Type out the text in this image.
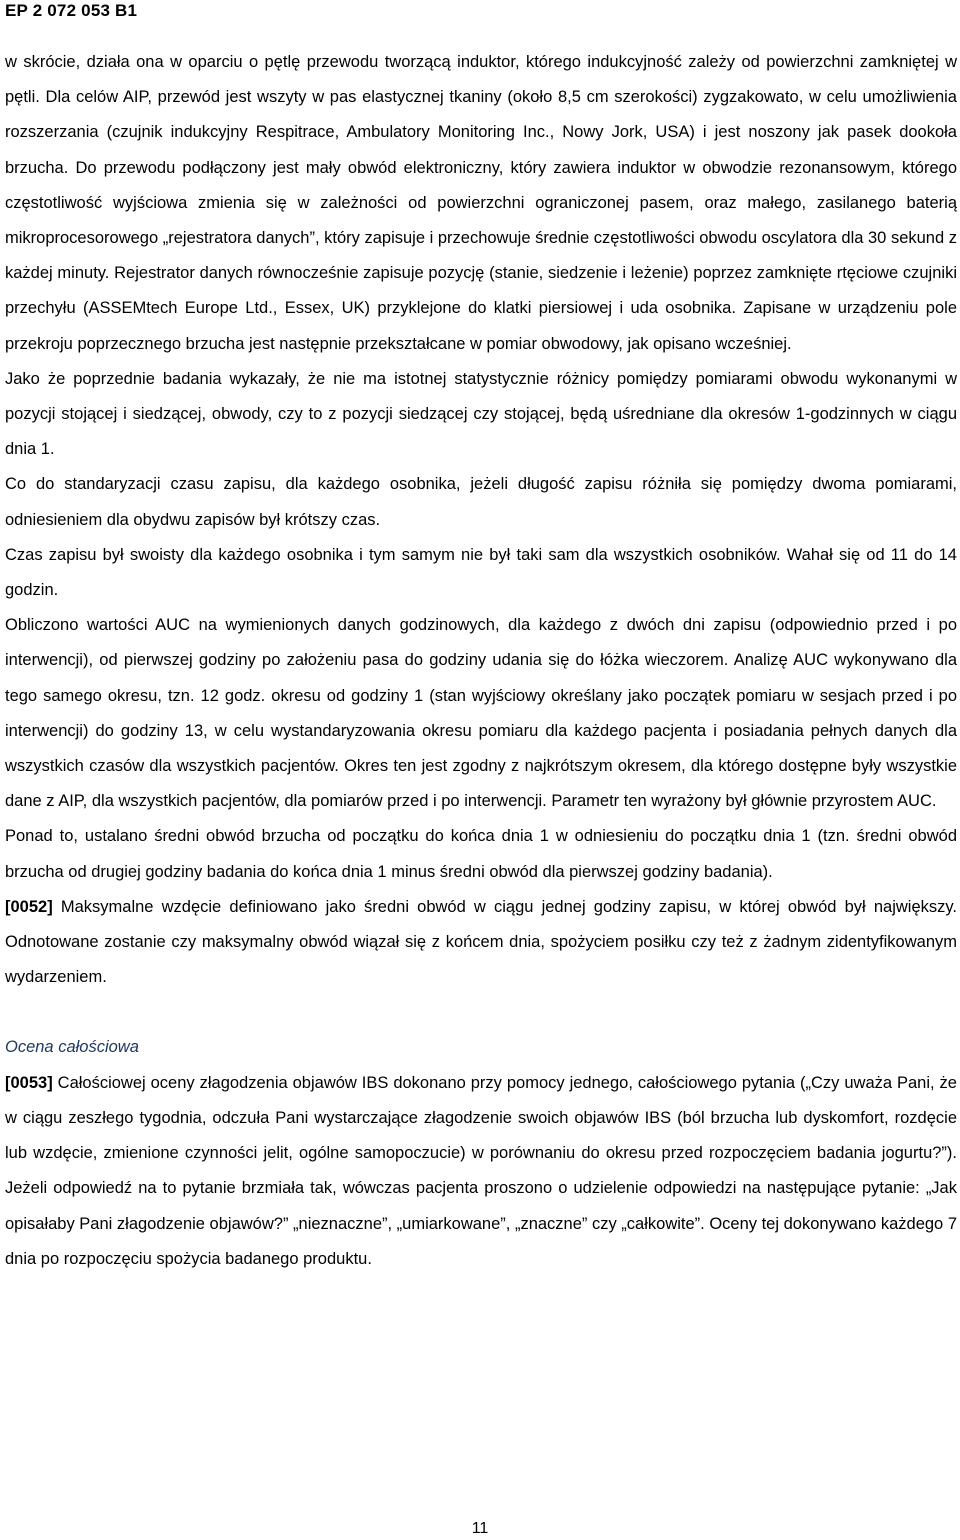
EP 2 072 053 B1

w skrócie, działa ona w oparciu o pętlę przewodu tworzącą induktor, którego indukcyjność zależy od powierzchni zamkniętej w pętli. Dla celów AIP, przewód jest wszyty w pas elastycznej tkaniny (około 8,5 cm szerokości) zygzakowato, w celu umożliwienia rozszerzania (czujnik indukcyjny Respitrace, Ambulatory Monitoring Inc., Nowy Jork, USA) i jest noszony jak pasek dookoła brzucha. Do przewodu podłączony jest mały obwód elektroniczny, który zawiera induktor w obwodzie rezonansowym, którego częstotliwość wyjściowa zmienia się w zależności od powierzchni ograniczonej pasem, oraz małego, zasilanego baterią mikroprocesorowego „rejestratora danych”, który zapisuje i przechowuje średnie częstotliwości obwodu oscylatora dla 30 sekund z każdej minuty. Rejestrator danych równocześnie zapisuje pozycję (stanie, siedzenie i leżenie) poprzez zamknięte rtęciowe czujniki przechyłu (ASSEMtech Europe Ltd., Essex, UK) przyklejone do klatki piersiowej i uda osobnika. Zapisane w urządzeniu pole przekroju poprzecznego brzucha jest następnie przekształcane w pomiar obwodowy, jak opisano wcześniej.

Jako że poprzednie badania wykazały, że nie ma istotnej statystycznie różnicy pomiędzy pomiarami obwodu wykonanymi w pozycji stojącej i siedzącej, obwody, czy to z pozycji siedzącej czy stojącej, będą uśredniane dla okresów 1-godzinnych w ciągu dnia 1.

Co do standaryzacji czasu zapisu, dla każdego osobnika, jeżeli długość zapisu różniła się pomiędzy dwoma pomiarami, odniesieniem dla obydwu zapisów był krótszy czas.

Czas zapisu był swoisty dla każdego osobnika i tym samym nie był taki sam dla wszystkich osobników. Wahał się od 11 do 14 godzin.

Obliczono wartości AUC na wymienionych danych godzinowych, dla każdego z dwóch dni zapisu (odpowiednio przed i po interwencji), od pierwszej godziny po założeniu pasa do godziny udania się do łóżka wieczorem. Analizę AUC wykonywano dla tego samego okresu, tzn. 12 godz. okresu od godziny 1 (stan wyjściowy określany jako początek pomiaru w sesjach przed i po interwencji) do godziny 13, w celu wystandaryzowania okresu pomiaru dla każdego pacjenta i posiadania pełnych danych dla wszystkich czasów dla wszystkich pacjentów. Okres ten jest zgodny z najkrótszym okresem, dla którego dostępne były wszystkie dane z AIP, dla wszystkich pacjentów, dla pomiarów przed i po interwencji. Parametr ten wyrażony był głównie przyrostem AUC.

Ponad to, ustalano średni obwód brzucha od początku do końca dnia 1 w odniesieniu do początku dnia 1 (tzn. średni obwód brzucha od drugiej godziny badania do końca dnia 1 minus średni obwód dla pierwszej godziny badania).

[0052] Maksymalne wzdęcie definiowano jako średni obwód w ciągu jednej godziny zapisu, w której obwód był największy. Odnotowane zostanie czy maksymalny obwód wiązał się z końcem dnia, spożyciem posiłku czy też z żadnym zidentyfikowanym wydarzeniem.

Ocena całościowa

[0053] Całościowej oceny złagodzenia objawów IBS dokonano przy pomocy jednego, całościowego pytania („Czy uważa Pani, że w ciągu zeszłego tygodnia, odczuła Pani wystarczające złagodzenie swoich objawów IBS (ból brzucha lub dyskomfort, rozdęcie lub wzdęcie, zmienione czynności jelit, ogólne samopoczucie) w porównaniu do okresu przed rozpoczęciem badania jogurtu?”). Jeżeli odpowiedź na to pytanie brzmiała tak, wówczas pacjenta proszono o udzielenie odpowiedzi na następujące pytanie: „Jak opisałaby Pani złagodzenie objawów?” „nieznaczne”, „umiarkowane”, „znaczne” czy „całkowite”. Oceny tej dokonywano każdego 7 dnia po rozpoczęciu spożycia badanego produktu.

11
